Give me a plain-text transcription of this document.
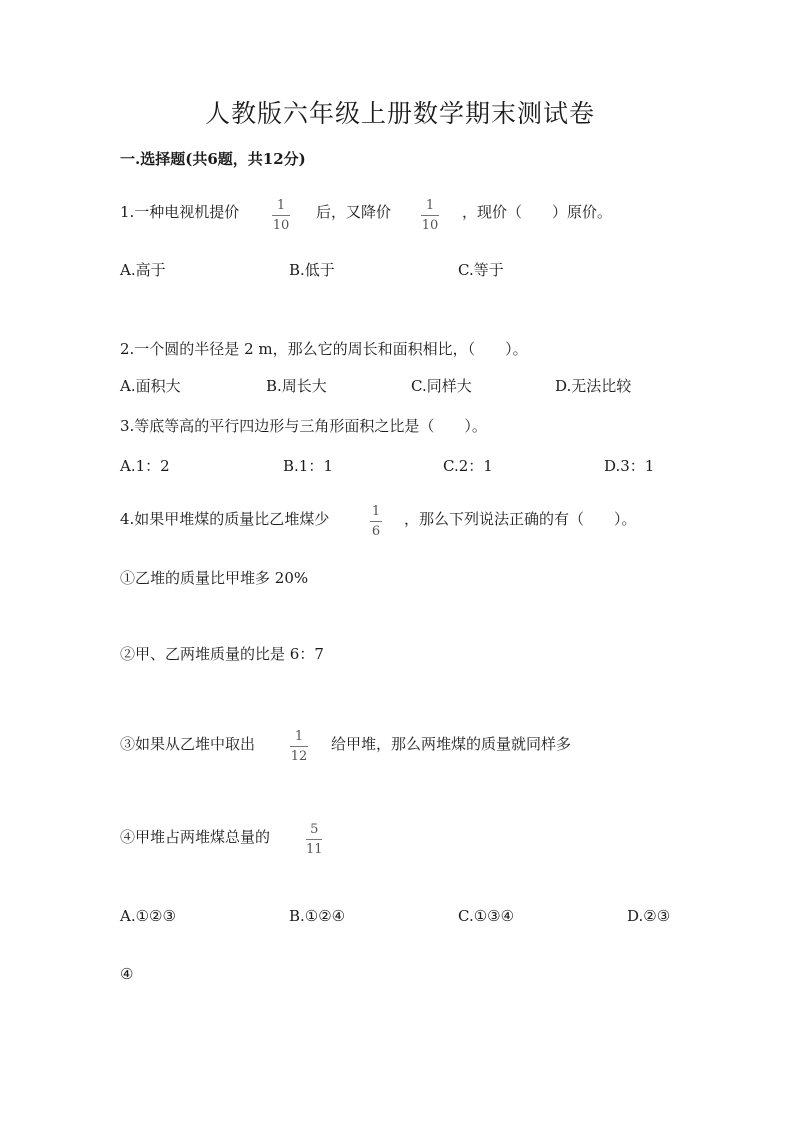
人教版六年级上册数学期末测试卷
一.选择题(共6题，共12分)
1.一种电视机提价	1
10
后，又降价	1
10
，现价（　　）原价。
A.高于	B.低于	C.等于
2.一个圆的半径是 2 m，那么它的周长和面积相比，（　　）。
A.面积大	B.周长大	C.同样大	D.无法比较
3.等底等高的平行四边形与三角形面积之比是（　　）。
A.1：2	B.1：1	C.2：1	D.3：1
4.如果甲堆煤的质量比乙堆煤少	1
6
，那么下列说法正确的有（　　）。
①乙堆的质量比甲堆多 20%
②甲、乙两堆质量的比是 6：7
③如果从乙堆中取出	1
12
给甲堆，那么两堆煤的质量就同样多
④甲堆占两堆煤总量的	5
11
A.①②③	B.①②④	C.①③④	D.②③
④
